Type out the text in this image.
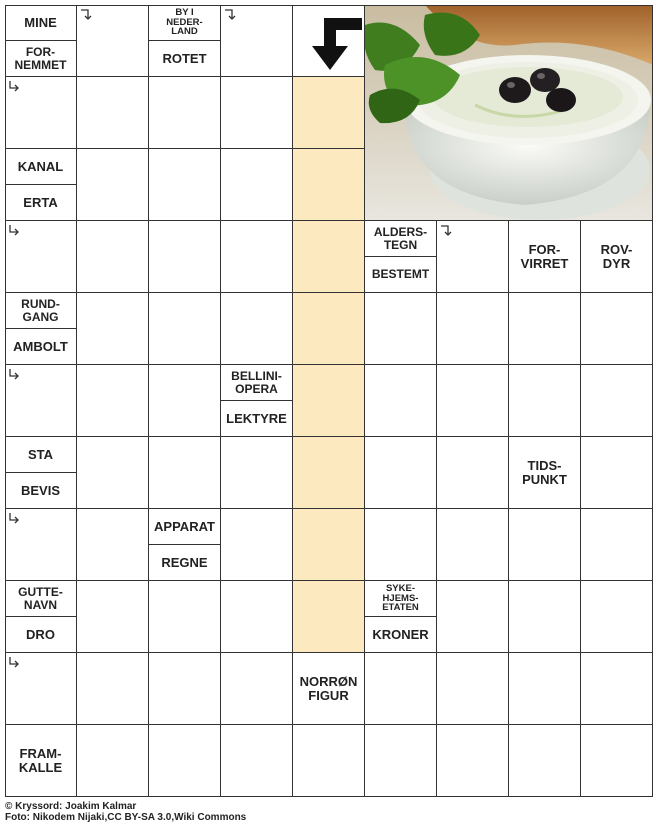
MINE
FOR-
NEMMET
BY I
NEDER-
LAND
ROTET
KANAL
ERTA
ALDERS-
TEGN
BESTEMT
FOR-
VIRRET
ROV-
DYR
RUND-
GANG
AMBOLT
BELLINI-
OPERA
LEKTYRE
STA
BEVIS
TIDS-
PUNKT
APPARAT
REGNE
GUTTE-
NAVN
DRO
SYKE-
HJEMS-
ETATEN
KRONER
NORRØN
FIGUR
FRAM-
KALLE
© Kryssord: Joakim Kalmar
Foto: Nikodem Nijaki,CC BY-SA 3.0,Wiki Commons
